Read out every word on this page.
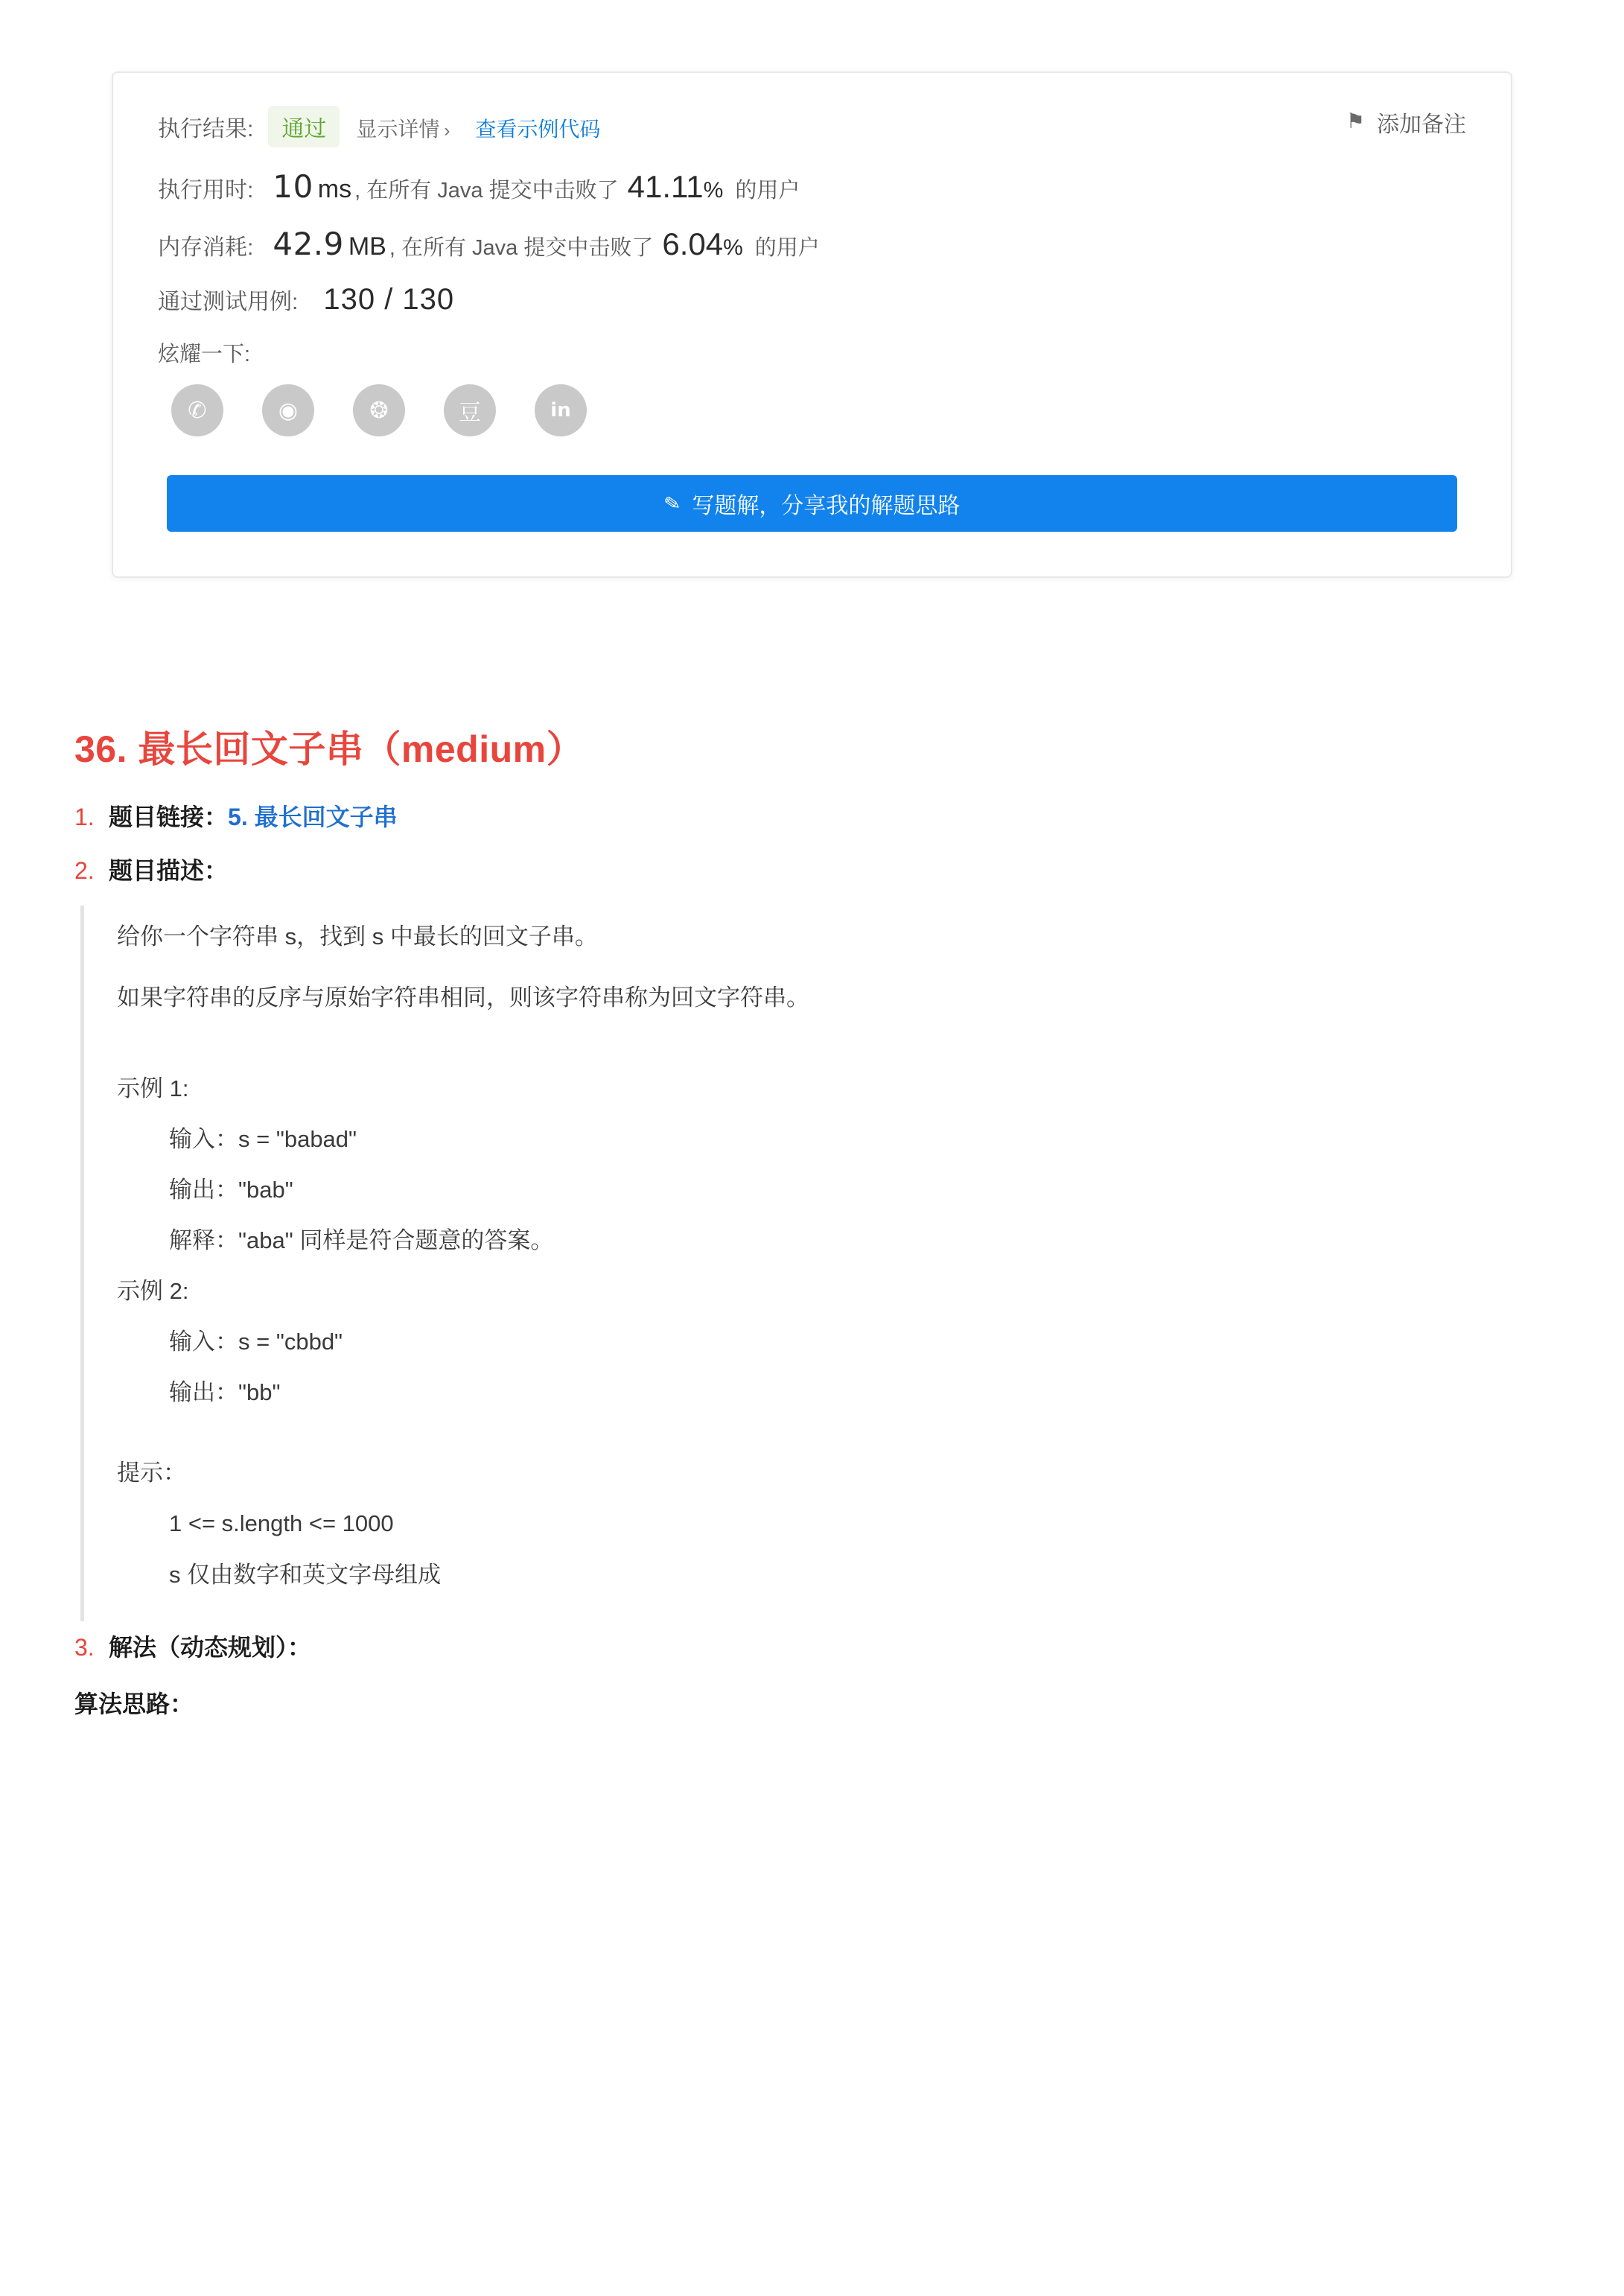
⚑ 添加备注
执行结果:	通过	显示详情 › 查看示例代码
执行用时: 10 ms , 在所有 Java 提交中击败了 41.11% 的用户
内存消耗: 42.9 MB , 在所有 Java 提交中击败了 6.04% 的用户
通过测试用例: 130 / 130
炫耀一下:
✆	◉	❂	豆	in
✎ 写题解，分享我的解题思路
36. 最长回文子串（medium）
1. 题目链接：5. 最长回文子串
2. 题目描述：

给你一个字符串 s，找到 s 中最长的回文子串。

如果字符串的反序与原始字符串相同，则该字符串称为回文字符串。

示例 1:

输入：s = "babad"

输出："bab"

解释："aba" 同样是符合题意的答案。

示例 2:

输入：s = "cbbd"

输出："bb"

提示：

1 <= s.length <= 1000

s 仅由数字和英文字母组成

3. 解法（动态规划）：
算法思路：
